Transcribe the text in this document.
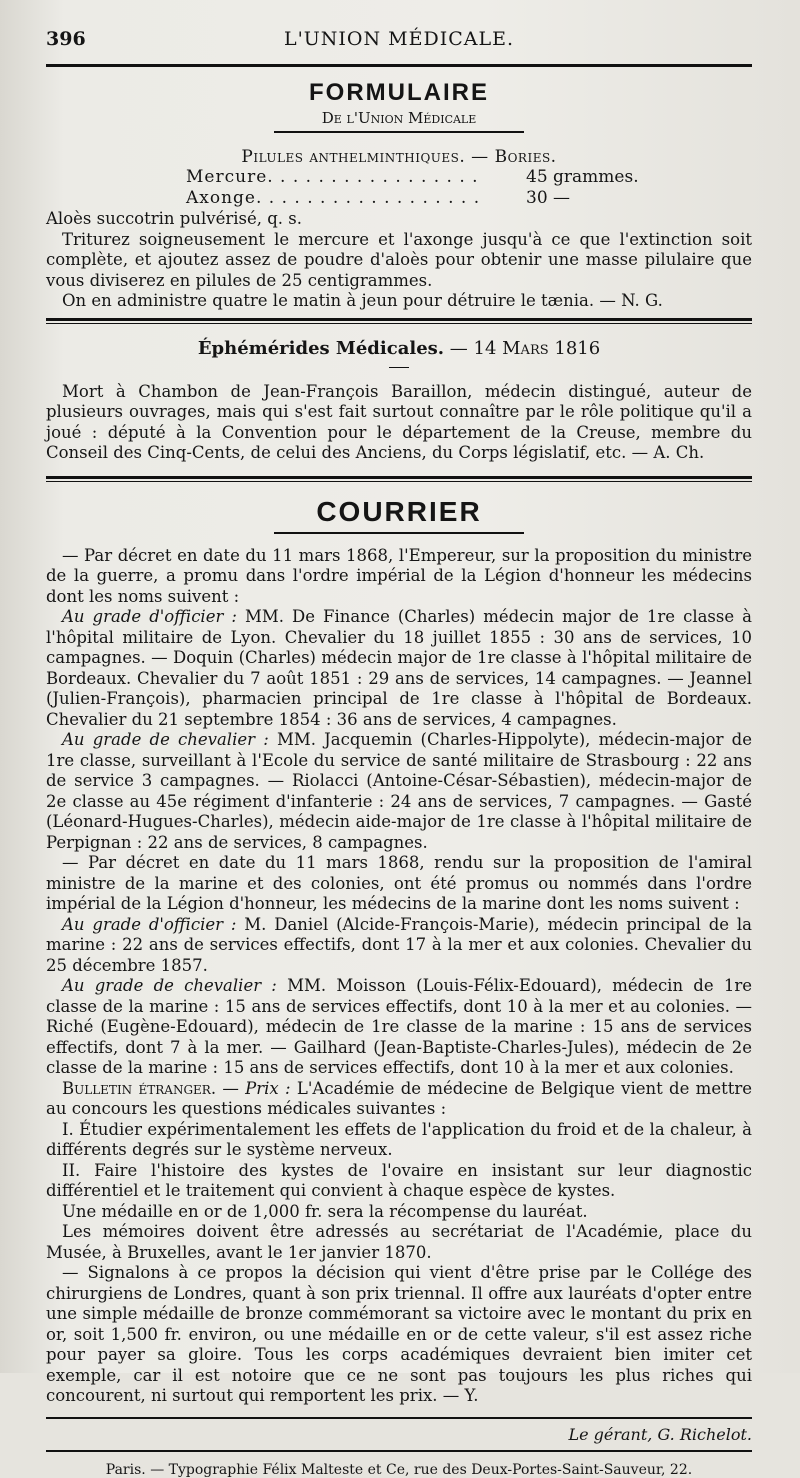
396	L'UNION MÉDICALE.
FORMULAIRE
De l'Union Médicale
Pilules anthelminthiques. — Bories.
Mercure. . . . . . . . . . . . . . . . .	45 grammes.
Axonge. . . . . . . . . . . . . . . . . .	30 —

Aloès succotrin pulvérisé, q. s.

Triturez soigneusement le mercure et l'axonge jusqu'à ce que l'extinction soit complète, et ajoutez assez de poudre d'aloès pour obtenir une masse pilulaire que vous diviserez en pilules de 25 centigrammes.

On en administre quatre le matin à jeun pour détruire le tænia. — N. G.

Éphémérides Médicales. — 14 Mars 1816

Mort à Chambon de Jean-François Baraillon, médecin distingué, auteur de plusieurs ouvrages, mais qui s'est fait surtout connaître par le rôle politique qu'il a joué : député à la Convention pour le département de la Creuse, membre du Conseil des Cinq-Cents, de celui des Anciens, du Corps législatif, etc. — A. Ch.

COURRIER

— Par décret en date du 11 mars 1868, l'Empereur, sur la proposition du ministre de la guerre, a promu dans l'ordre impérial de la Légion d'honneur les médecins dont les noms suivent :

Au grade d'officier : MM. De Finance (Charles) médecin major de 1re classe à l'hôpital militaire de Lyon. Chevalier du 18 juillet 1855 : 30 ans de services, 10 campagnes. — Doquin (Charles) médecin major de 1re classe à l'hôpital militaire de Bordeaux. Chevalier du 7 août 1851 : 29 ans de services, 14 campagnes. — Jeannel (Julien-François), pharmacien principal de 1re classe à l'hôpital de Bordeaux. Chevalier du 21 septembre 1854 : 36 ans de services, 4 campagnes.

Au grade de chevalier : MM. Jacquemin (Charles-Hippolyte), médecin-major de 1re classe, surveillant à l'Ecole du service de santé militaire de Strasbourg : 22 ans de service 3 campagnes. — Riolacci (Antoine-César-Sébastien), médecin-major de 2e classe au 45e régiment d'infanterie : 24 ans de services, 7 campagnes. — Gasté (Léonard-Hugues-Charles), médecin aide-major de 1re classe à l'hôpital militaire de Perpignan : 22 ans de services, 8 campagnes.

— Par décret en date du 11 mars 1868, rendu sur la proposition de l'amiral ministre de la marine et des colonies, ont été promus ou nommés dans l'ordre impérial de la Légion d'honneur, les médecins de la marine dont les noms suivent :

Au grade d'officier : M. Daniel (Alcide-François-Marie), médecin principal de la marine : 22 ans de services effectifs, dont 17 à la mer et aux colonies. Chevalier du 25 décembre 1857.

Au grade de chevalier : MM. Moisson (Louis-Félix-Edouard), médecin de 1re classe de la marine : 15 ans de services effectifs, dont 10 à la mer et au colonies. — Riché (Eugène-Edouard), médecin de 1re classe de la marine : 15 ans de services effectifs, dont 7 à la mer. — Gailhard (Jean-Baptiste-Charles-Jules), médecin de 2e classe de la marine : 15 ans de services effectifs, dont 10 à la mer et aux colonies.

Bulletin étranger. — Prix : L'Académie de médecine de Belgique vient de mettre au concours les questions médicales suivantes :

I. Étudier expérimentalement les effets de l'application du froid et de la chaleur, à différents degrés sur le système nerveux.

II. Faire l'histoire des kystes de l'ovaire en insistant sur leur diagnostic différentiel et le traitement qui convient à chaque espèce de kystes.

Une médaille en or de 1,000 fr. sera la récompense du lauréat.

Les mémoires doivent être adressés au secrétariat de l'Académie, place du Musée, à Bruxelles, avant le 1er janvier 1870.

— Signalons à ce propos la décision qui vient d'être prise par le Collége des chirurgiens de Londres, quant à son prix triennal. Il offre aux lauréats d'opter entre une simple médaille de bronze commémorant sa victoire avec le montant du prix en or, soit 1,500 fr. environ, ou une médaille en or de cette valeur, s'il est assez riche pour payer sa gloire. Tous les corps académiques devraient bien imiter cet exemple, car il est notoire que ce ne sont pas toujours les plus riches qui concourent, ni surtout qui remportent les prix. — Y.

Le gérant, G. Richelot.
Paris. — Typographie Félix Malteste et Ce, rue des Deux-Portes-Saint-Sauveur, 22.
